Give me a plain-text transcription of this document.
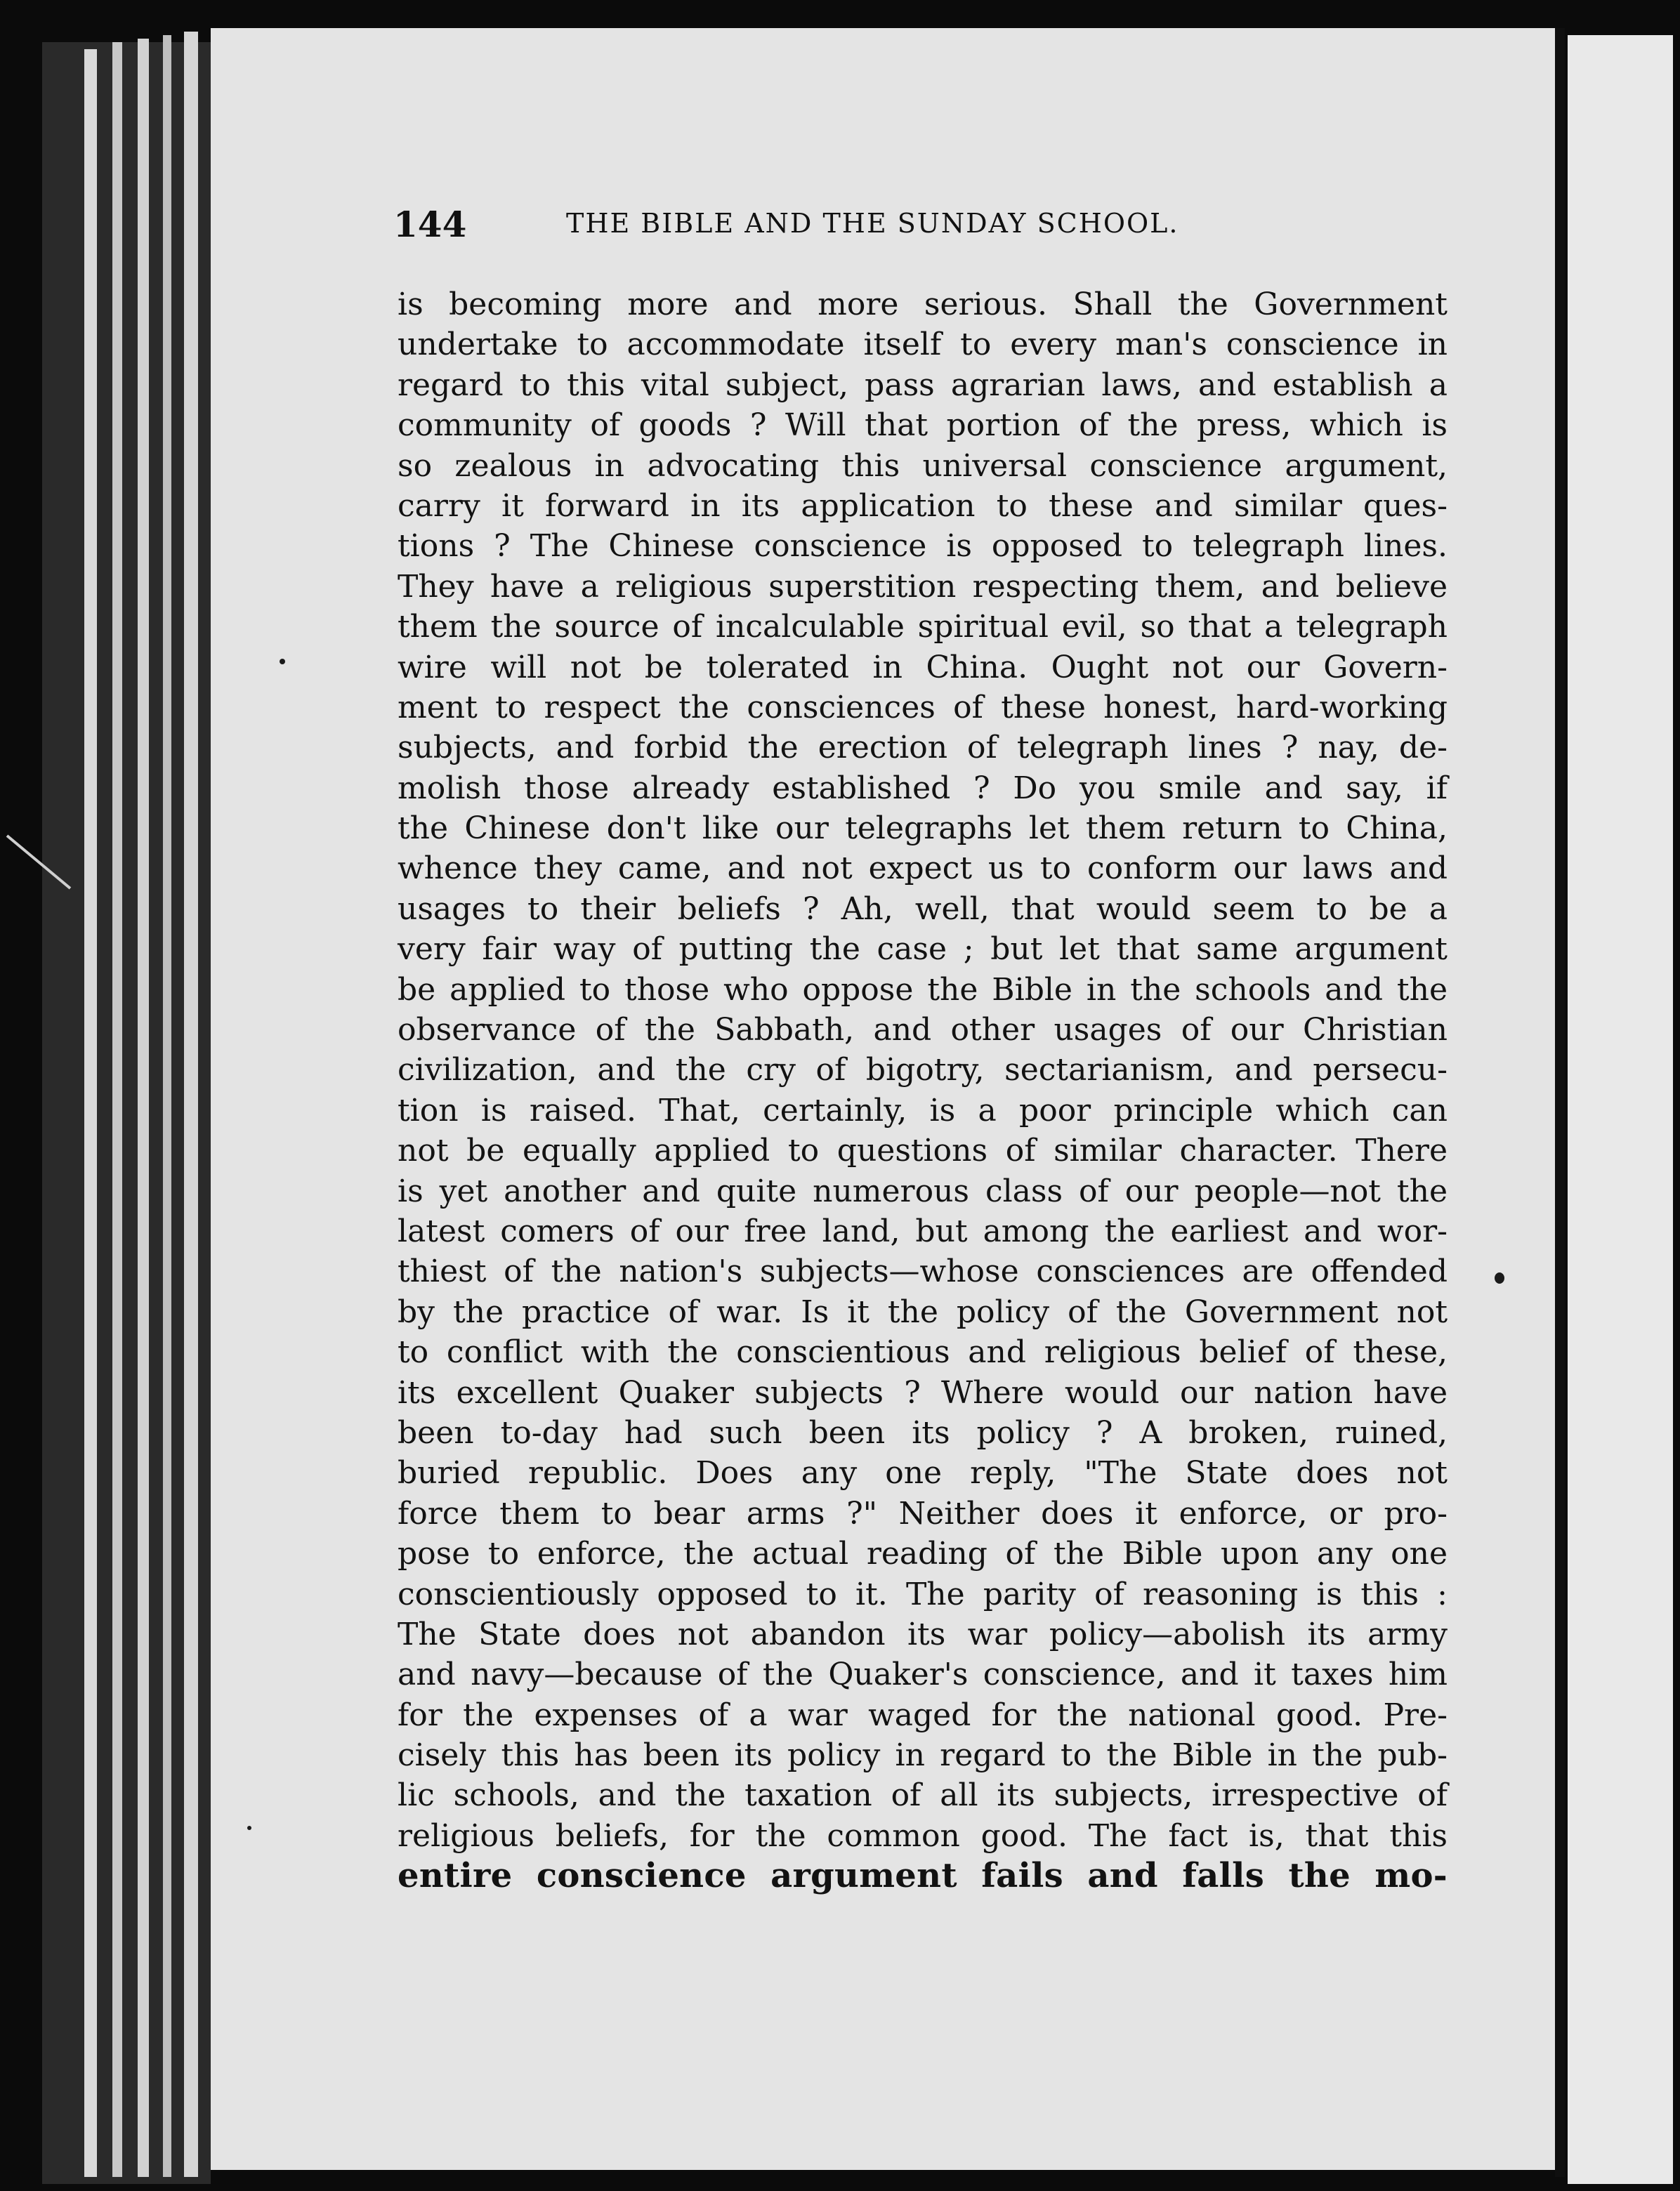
144	THE BIBLE AND THE SUNDAY SCHOOL.
is becoming more and more serious. Shall the Government
undertake to accommodate itself to every man's conscience in
regard to this vital subject, pass agrarian laws, and establish a
community of goods ? Will that portion of the press, which is
so zealous in advocating this universal conscience argument,
carry it forward in its application to these and similar ques-
tions ? The Chinese conscience is opposed to telegraph lines.
They have a religious superstition respecting them, and believe
them the source of incalculable spiritual evil, so that a telegraph
wire will not be tolerated in China. Ought not our Govern-
ment to respect the consciences of these honest, hard-working
subjects, and forbid the erection of telegraph lines ? nay, de-
molish those already established ? Do you smile and say, if
the Chinese don't like our telegraphs let them return to China,
whence they came, and not expect us to conform our laws and
usages to their beliefs ? Ah, well, that would seem to be a
very fair way of putting the case ; but let that same argument
be applied to those who oppose the Bible in the schools and the
observance of the Sabbath, and other usages of our Christian
civilization, and the cry of bigotry, sectarianism, and persecu-
tion is raised. That, certainly, is a poor principle which can
not be equally applied to questions of similar character. There
is yet another and quite numerous class of our people—not the
latest comers of our free land, but among the earliest and wor-
thiest of the nation's subjects—whose consciences are offended
by the practice of war. Is it the policy of the Government not
to conflict with the conscientious and religious belief of these,
its excellent Quaker subjects ? Where would our nation have
been to-day had such been its policy ? A broken, ruined,
buried republic. Does any one reply, "The State does not
force them to bear arms ?" Neither does it enforce, or pro-
pose to enforce, the actual reading of the Bible upon any one
conscientiously opposed to it. The parity of reasoning is this :
The State does not abandon its war policy—abolish its army
and navy—because of the Quaker's conscience, and it taxes him
for the expenses of a war waged for the national good. Pre-
cisely this has been its policy in regard to the Bible in the pub-
lic schools, and the taxation of all its subjects, irrespective of
religious beliefs, for the common good. The fact is, that this
entire conscience argument fails and falls the mo-
